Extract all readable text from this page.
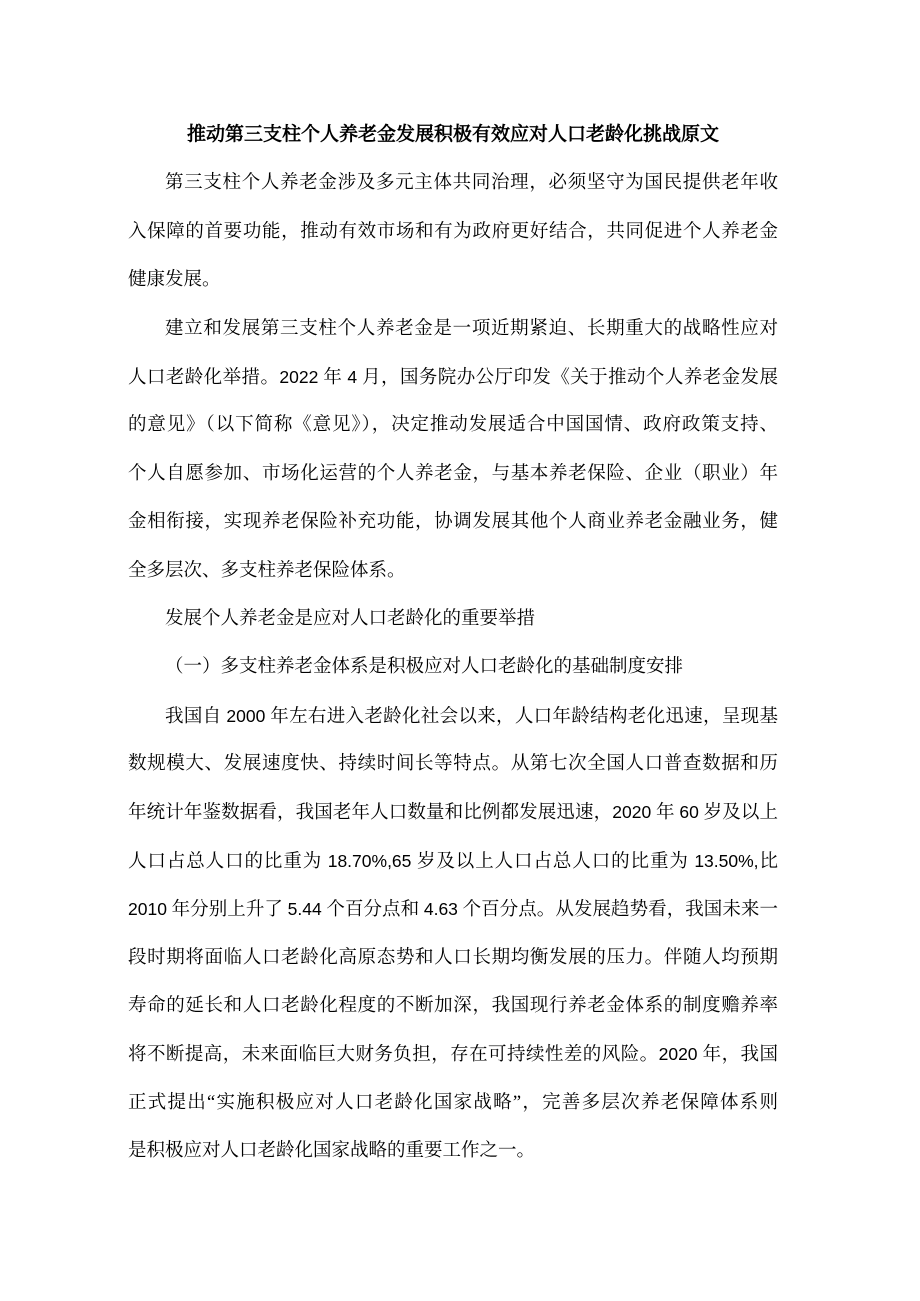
推动第三支柱个人养老金发展积极有效应对人口老龄化挑战原文
第三支柱个人养老金涉及多元主体共同治理，必须坚守为国民提供老年收
入保障的首要功能，推动有效市场和有为政府更好结合，共同促进个人养老金
健康发展。
建立和发展第三支柱个人养老金是一项近期紧迫、长期重大的战略性应对
人口老龄化举措。2022 年 4 月，国务院办公厅印发《关于推动个人养老金发展
的意见》（以下简称《意见》），决定推动发展适合中国国情、政府政策支持、
个人自愿参加、市场化运营的个人养老金，与基本养老保险、企业（职业）年
金相衔接，实现养老保险补充功能，协调发展其他个人商业养老金融业务，健
全多层次、多支柱养老保险体系。
发展个人养老金是应对人口老龄化的重要举措
（一）多支柱养老金体系是积极应对人口老龄化的基础制度安排
我国自 2000 年左右进入老龄化社会以来，人口年龄结构老化迅速，呈现基
数规模大、发展速度快、持续时间长等特点。从第七次全国人口普查数据和历
年统计年鉴数据看，我国老年人口数量和比例都发展迅速，2020 年 60 岁及以上
人口占总人口的比重为 18.70%,65 岁及以上人口占总人口的比重为 13.50%,比
2010 年分别上升了 5.44 个百分点和 4.63 个百分点。从发展趋势看，我国未来一
段时期将面临人口老龄化高原态势和人口长期均衡发展的压力。伴随人均预期
寿命的延长和人口老龄化程度的不断加深，我国现行养老金体系的制度赡养率
将不断提高，未来面临巨大财务负担，存在可持续性差的风险。2020 年，我国
正式提出“实施积极应对人口老龄化国家战略”，完善多层次养老保障体系则
是积极应对人口老龄化国家战略的重要工作之一。
